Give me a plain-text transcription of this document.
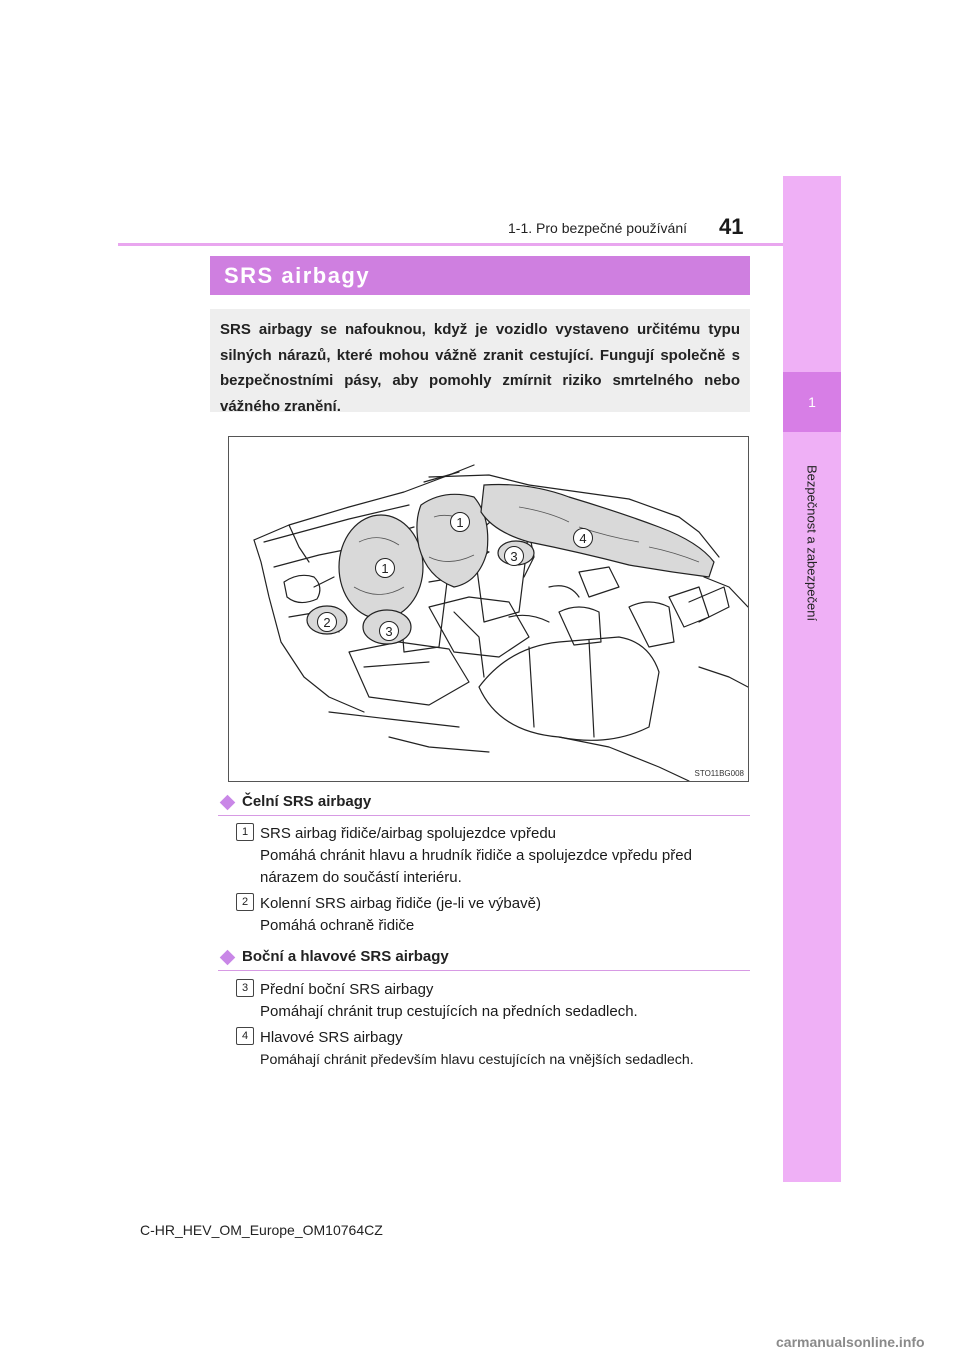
1-1. Pro bezpečné používání 41
1
Bezpečnost a zabezpečení
SRS airbagy
SRS airbagy se nafouknou, když je vozidlo vystaveno určitému typu silných nárazů, které mohou vážně zranit cestující. Fungují společně s bezpečnostními pásy, aby pomohly zmírnit riziko smrtelného nebo vážného zranění.
1
1
2
3
3
4
STO11BG008
Čelní SRS airbagy
1 SRS airbag řidiče/airbag spolujezdce vpředu
Pomáhá chránit hlavu a hrudník řidiče a spolujezdce vpředu před nárazem do součástí interiéru.
2 Kolenní SRS airbag řidiče (je-li ve výbavě)
Pomáhá ochraně řidiče
Boční a hlavové SRS airbagy
3 Přední boční SRS airbagy
Pomáhají chránit trup cestujících na předních sedadlech.
4 Hlavové SRS airbagy
Pomáhají chránit především hlavu cestujících na vnějších sedadlech.
C-HR_HEV_OM_Europe_OM10764CZ
carmanualsonline.info
